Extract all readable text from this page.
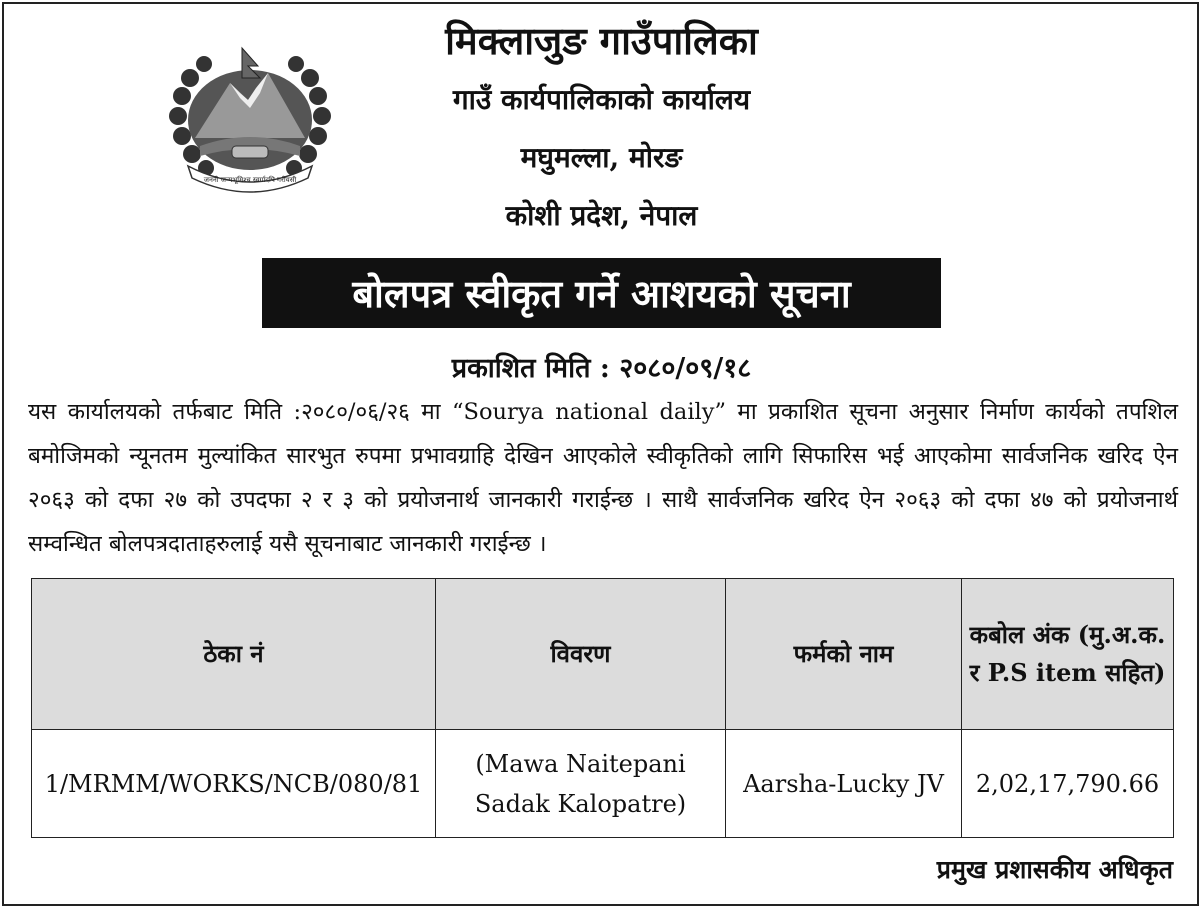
जननी जन्मभूमिश्च स्वर्गादपि गरीयसी
मिक्लाजुङ गाउँपालिका
गाउँ कार्यपालिकाको कार्यालय
मघुमल्ला, मोरङ
कोशी प्रदेश, नेपाल
बोलपत्र स्वीकृत गर्ने आशयको सूचना
प्रकाशित मिति : २०८०/०९/१८
यस कार्यालयको तर्फबाट मिति :२०८०/०६/२६ मा “Sourya national daily” मा प्रकाशित सूचना अनुसार निर्माण कार्यको तपशिल बमोजिमको न्यूनतम मुल्यांकित सारभुत रुपमा प्रभावग्राहि देखिन आएकोले स्वीकृतिको लागि सिफारिस भई आएकोमा सार्वजनिक खरिद ऐन २०६३ को दफा २७ को उपदफा २ र ३ को प्रयोजनार्थ जानकारी गराईन्छ । साथै सार्वजनिक खरिद ऐन २०६३ को दफा ४७ को प्रयोजनार्थ सम्वन्धित बोलपत्रदाताहरुलाई यसै सूचनाबाट जानकारी गराईन्छ ।
ठेका नं	विवरण	फर्मको नाम	कबोल अंक (मु.अ.क. र P.S item सहित)
1/MRMM/WORKS/NCB/080/81	(Mawa Naitepani Sadak Kalopatre)	Aarsha-Lucky JV	2,02,17,790.66
प्रमुख प्रशासकीय अधिकृत
